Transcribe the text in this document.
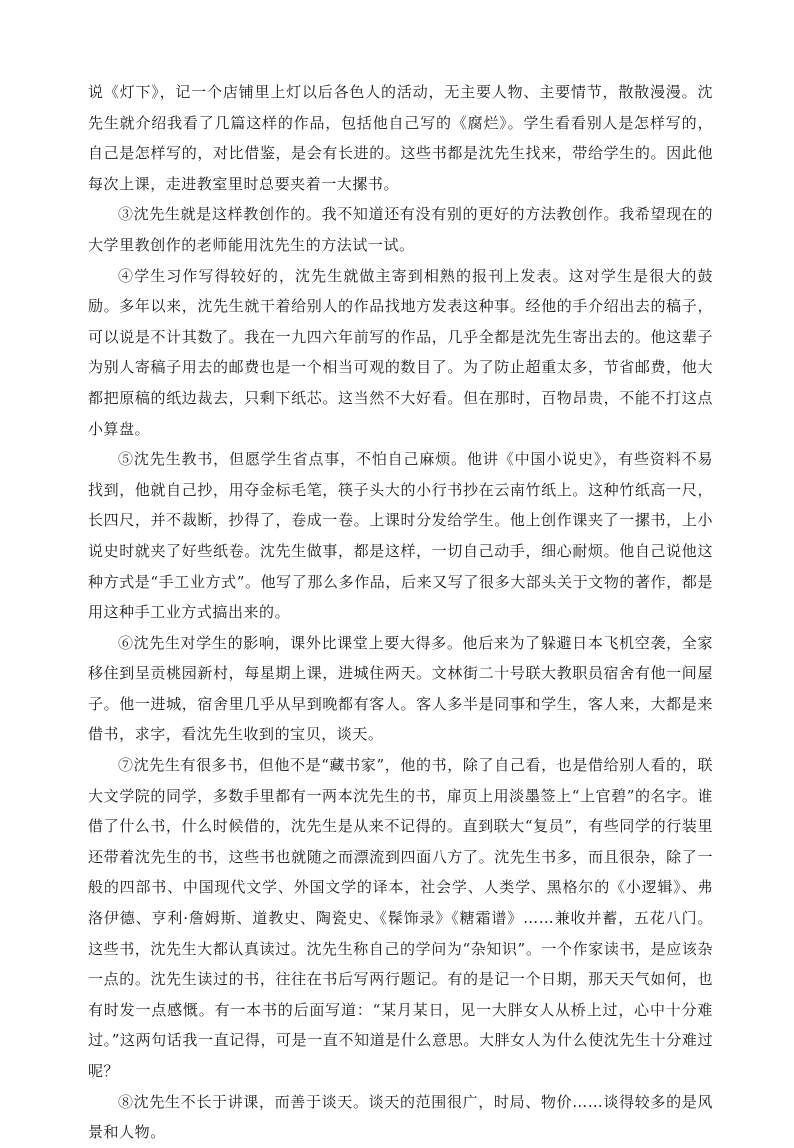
说《灯下》，记一个店铺里上灯以后各色人的活动，无主要人物、主要情节，散散漫漫。沈先生就介绍我看了几篇这样的作品，包括他自己写的《腐烂》。学生看看别人是怎样写的，自己是怎样写的，对比借鉴，是会有长进的。这些书都是沈先生找来，带给学生的。因此他每次上课，走进教室里时总要夹着一大摞书。

③沈先生就是这样教创作的。我不知道还有没有别的更好的方法教创作。我希望现在的大学里教创作的老师能用沈先生的方法试一试。

④学生习作写得较好的，沈先生就做主寄到相熟的报刊上发表。这对学生是很大的鼓励。多年以来，沈先生就干着给别人的作品找地方发表这种事。经他的手介绍出去的稿子，可以说是不计其数了。我在一九四六年前写的作品，几乎全都是沈先生寄出去的。他这辈子为别人寄稿子用去的邮费也是一个相当可观的数目了。为了防止超重太多，节省邮费，他大都把原稿的纸边裁去，只剩下纸芯。这当然不大好看。但在那时，百物昂贵，不能不打这点小算盘。

⑤沈先生教书，但愿学生省点事，不怕自己麻烦。他讲《中国小说史》，有些资料不易找到，他就自己抄，用夺金标毛笔，筷子头大的小行书抄在云南竹纸上。这种竹纸高一尺，长四尺，并不裁断，抄得了，卷成一卷。上课时分发给学生。他上创作课夹了一摞书，上小说史时就夹了好些纸卷。沈先生做事，都是这样，一切自己动手，细心耐烦。他自己说他这种方式是“手工业方式”。他写了那么多作品，后来又写了很多大部头关于文物的著作，都是用这种手工业方式搞出来的。

⑥沈先生对学生的影响，课外比课堂上要大得多。他后来为了躲避日本飞机空袭，全家移住到呈贡桃园新村，每星期上课，进城住两天。文林街二十号联大教职员宿舍有他一间屋子。他一进城，宿舍里几乎从早到晚都有客人。客人多半是同事和学生，客人来，大都是来借书，求字，看沈先生收到的宝贝，谈天。

⑦沈先生有很多书，但他不是“藏书家”，他的书，除了自己看，也是借给别人看的，联大文学院的同学，多数手里都有一两本沈先生的书，扉页上用淡墨签上“上官碧”的名字。谁借了什么书，什么时候借的，沈先生是从来不记得的。直到联大“复员”，有些同学的行装里还带着沈先生的书，这些书也就随之而漂流到四面八方了。沈先生书多，而且很杂，除了一般的四部书、中国现代文学、外国文学的译本，社会学、人类学、黑格尔的《小逻辑》、弗洛伊德、亨利·詹姆斯、道教史、陶瓷史、《髹饰录》《糖霜谱》……兼收并蓄，五花八门。这些书，沈先生大都认真读过。沈先生称自己的学问为“杂知识”。一个作家读书，是应该杂一点的。沈先生读过的书，往往在书后写两行题记。有的是记一个日期，那天天气如何，也有时发一点感慨。有一本书的后面写道：“某月某日，见一大胖女人从桥上过，心中十分难过。”这两句话我一直记得，可是一直不知道是什么意思。大胖女人为什么使沈先生十分难过呢？

⑧沈先生不长于讲课，而善于谈天。谈天的范围很广，时局、物价……谈得较多的是风景和人物。
